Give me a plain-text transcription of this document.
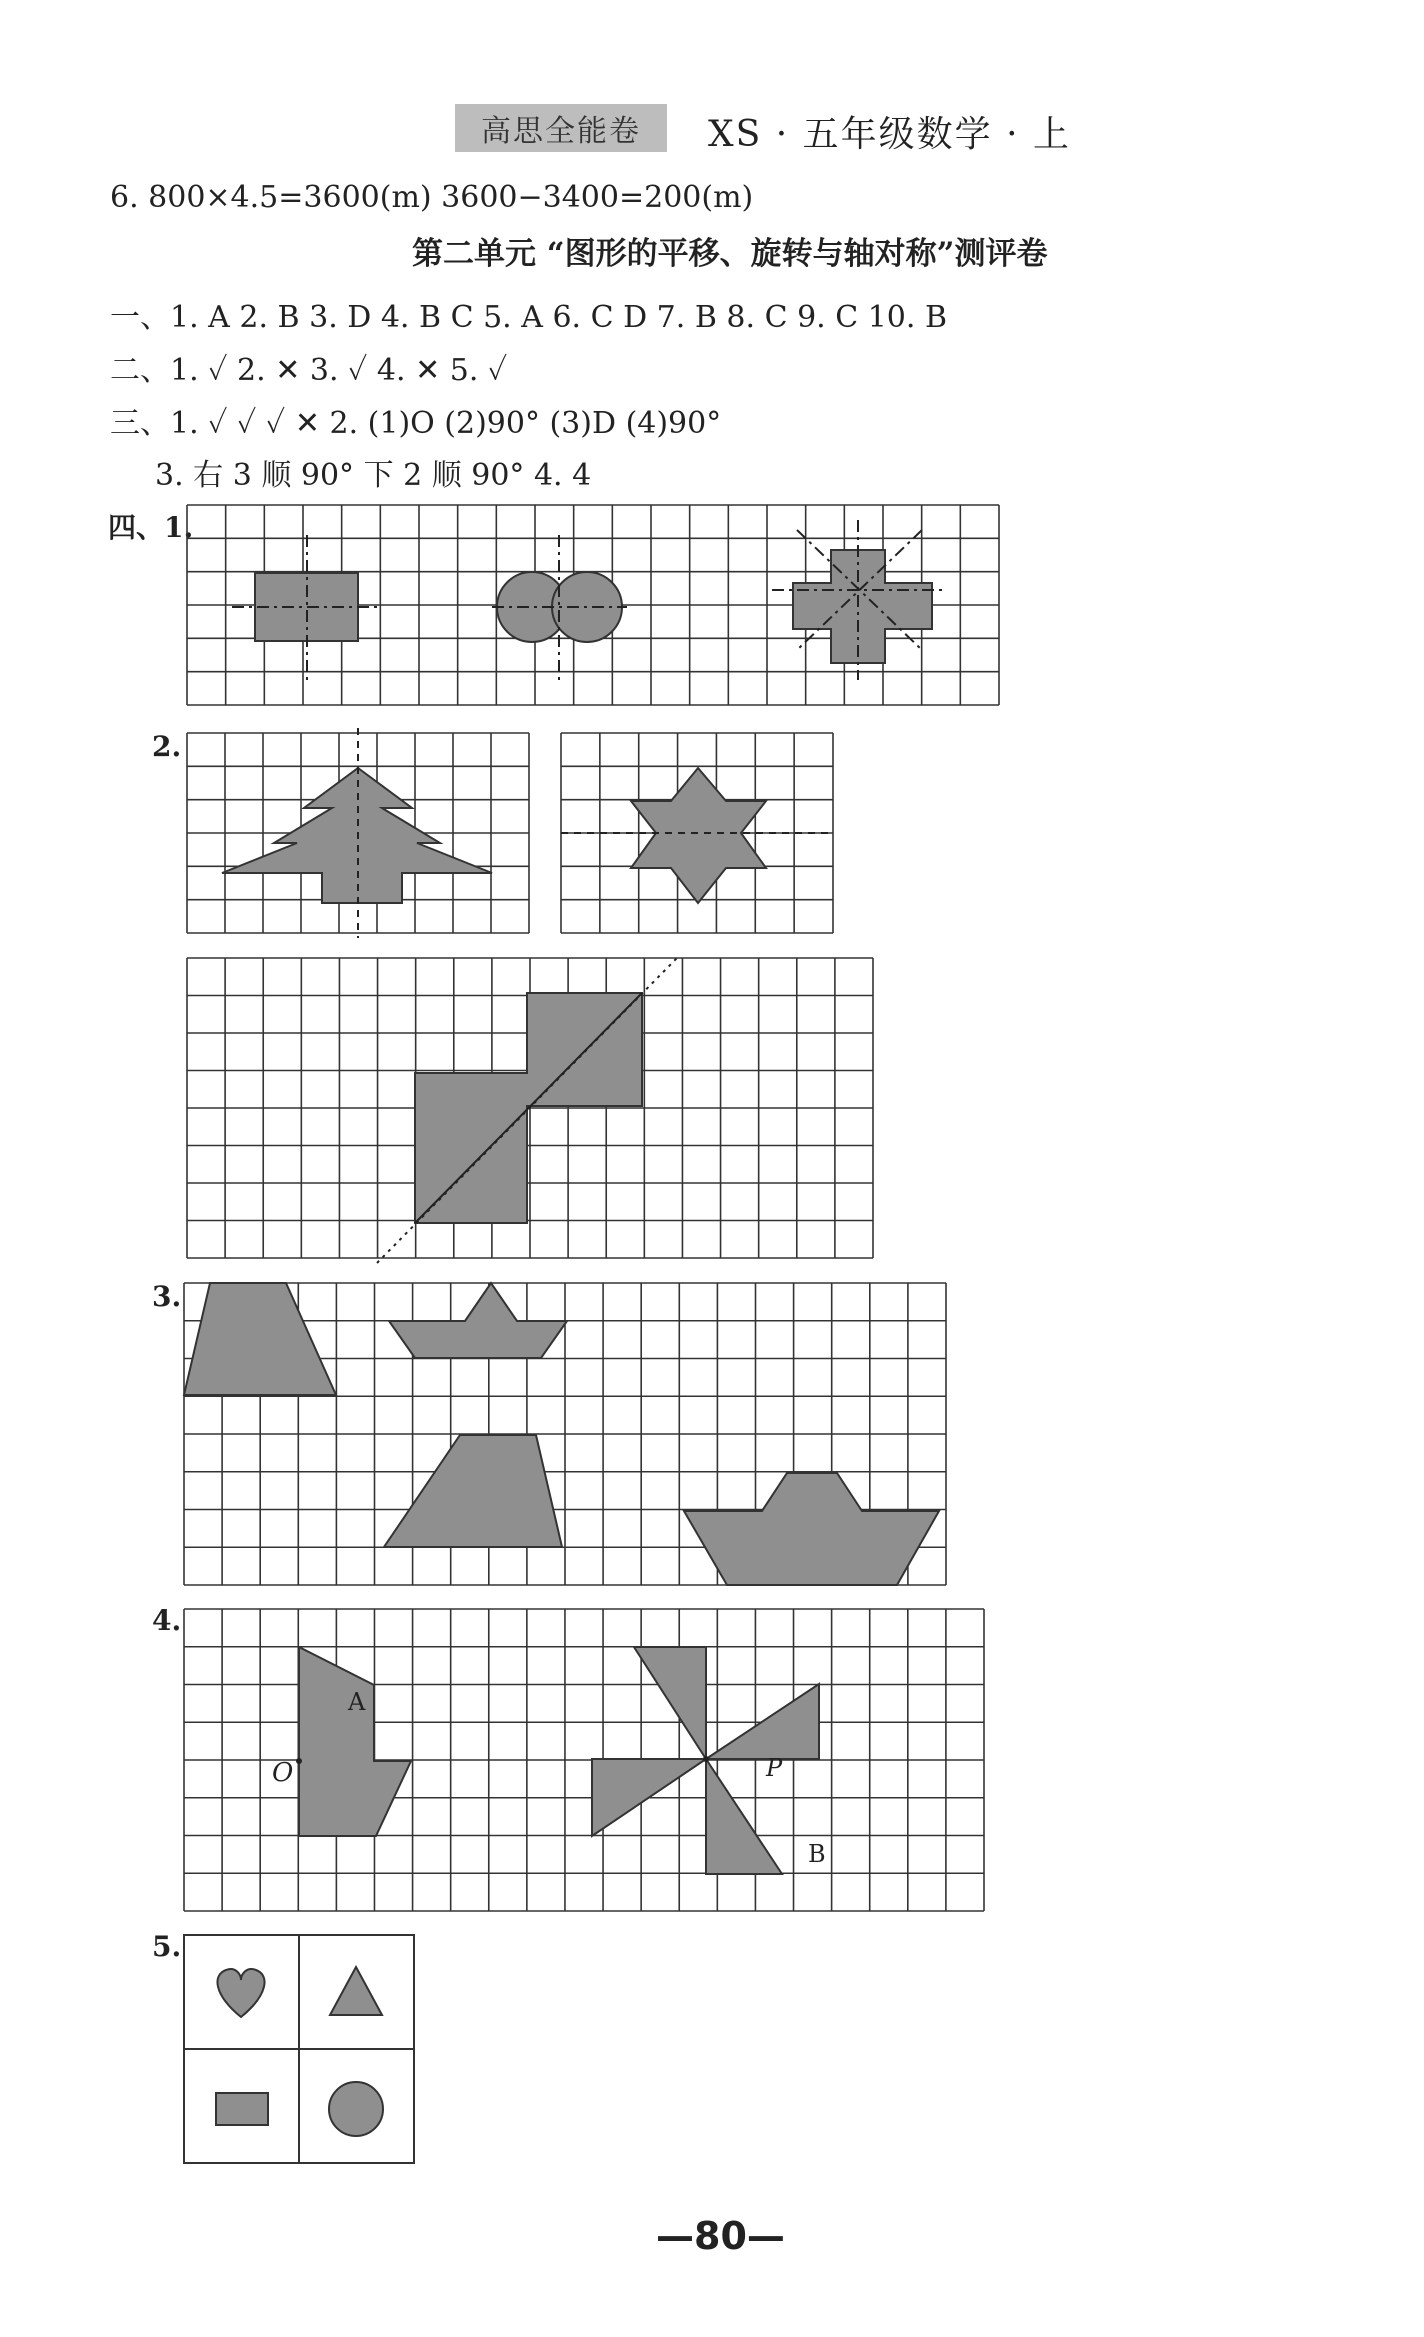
高思全能卷	XS · 五年级数学 · 上
6. 800×4.5=3600(m) 3600−3400=200(m)
第二单元 “图形的平移、旋转与轴对称”测评卷
一、1. A 2. B 3. D 4. B C 5. A 6. C D 7. B 8. C 9. C 10. B
二、1. ✓ 2. ✕ 3. ✓ 4. ✕ 5. ✓
三、1. ✓ ✓ ✓ ✕ 2. (1)O (2)90° (3)D (4)90°
3. 右 3 顺 90° 下 2 顺 90° 4. 4
四、1.
2.
3.
4.
5.
A
O	P
B
—80—
